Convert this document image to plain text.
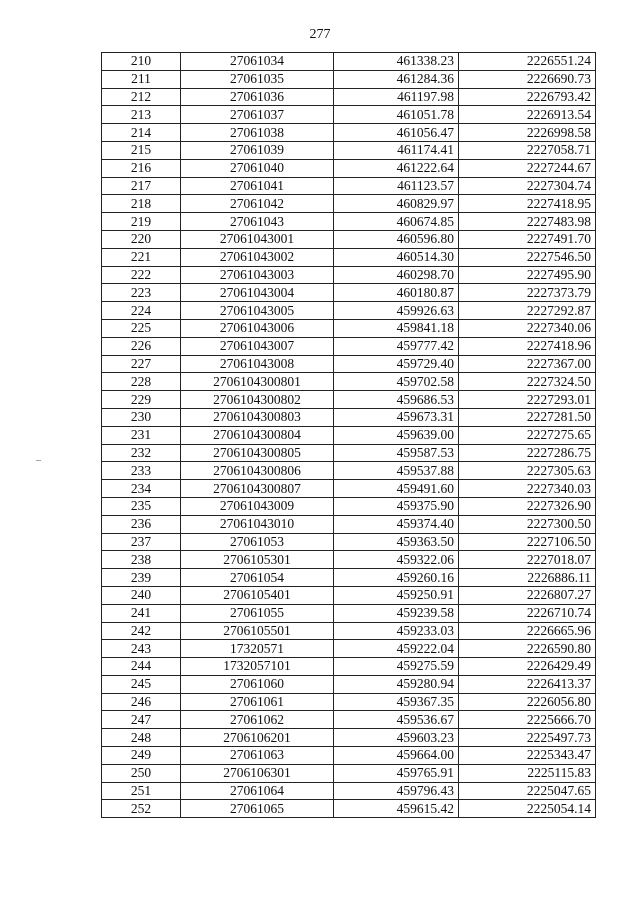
277
–
210	27061034	461338.23	2226551.24
211	27061035	461284.36	2226690.73
212	27061036	461197.98	2226793.42
213	27061037	461051.78	2226913.54
214	27061038	461056.47	2226998.58
215	27061039	461174.41	2227058.71
216	27061040	461222.64	2227244.67
217	27061041	461123.57	2227304.74
218	27061042	460829.97	2227418.95
219	27061043	460674.85	2227483.98
220	27061043001	460596.80	2227491.70
221	27061043002	460514.30	2227546.50
222	27061043003	460298.70	2227495.90
223	27061043004	460180.87	2227373.79
224	27061043005	459926.63	2227292.87
225	27061043006	459841.18	2227340.06
226	27061043007	459777.42	2227418.96
227	27061043008	459729.40	2227367.00
228	2706104300801	459702.58	2227324.50
229	2706104300802	459686.53	2227293.01
230	2706104300803	459673.31	2227281.50
231	2706104300804	459639.00	2227275.65
232	2706104300805	459587.53	2227286.75
233	2706104300806	459537.88	2227305.63
234	2706104300807	459491.60	2227340.03
235	27061043009	459375.90	2227326.90
236	27061043010	459374.40	2227300.50
237	27061053	459363.50	2227106.50
238	2706105301	459322.06	2227018.07
239	27061054	459260.16	2226886.11
240	2706105401	459250.91	2226807.27
241	27061055	459239.58	2226710.74
242	2706105501	459233.03	2226665.96
243	17320571	459222.04	2226590.80
244	1732057101	459275.59	2226429.49
245	27061060	459280.94	2226413.37
246	27061061	459367.35	2226056.80
247	27061062	459536.67	2225666.70
248	2706106201	459603.23	2225497.73
249	27061063	459664.00	2225343.47
250	2706106301	459765.91	2225115.83
251	27061064	459796.43	2225047.65
252	27061065	459615.42	2225054.14
